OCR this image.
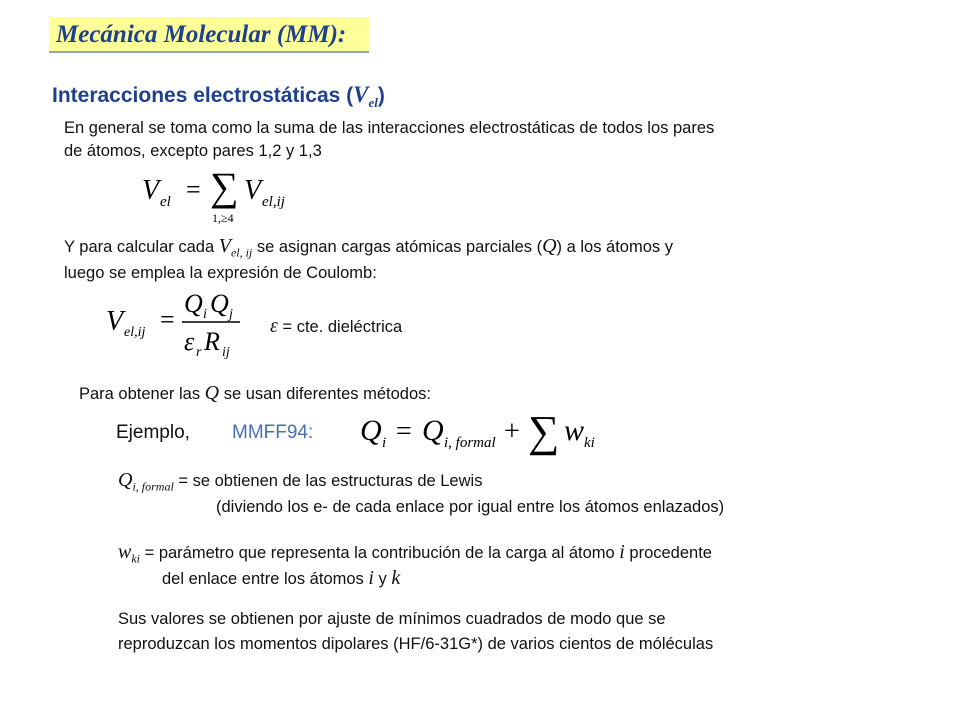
Mecánica Molecular (MM):
Interacciones electrostáticas $(V_{el})$
En general se toma como la suma de las interacciones electrostáticas de todos los pares
de átomos, excepto pares 1,2 y 1,3
V el = ∑
1,≥4
V el,ij
Y para calcular cada $V_{el, ij}$ se asignan cargas atómicas parciales (Q) a los átomos y
luego se emplea la expresión de Coulomb:
V el,ij =
Q i Q j
ε r R ij
ε = cte. dieléctrica
Para obtener las Q se usan diferentes métodos:
Ejemplo, MMFF94: Q i = Q i, formal + ∑ w ki
$Q_{i, formal}$ = se obtienen de las estructuras de Lewis
(diviendo los e- de cada enlace por igual entre los átomos enlazados)
$w_{ki}$ = parámetro que representa la contribución de la carga al átomo i procedente
del enlace entre los átomos i y k
Sus valores se obtienen por ajuste de mínimos cuadrados de modo que se
reproduzcan los momentos dipolares (HF/6-31G*) de varios cientos de móléculas
